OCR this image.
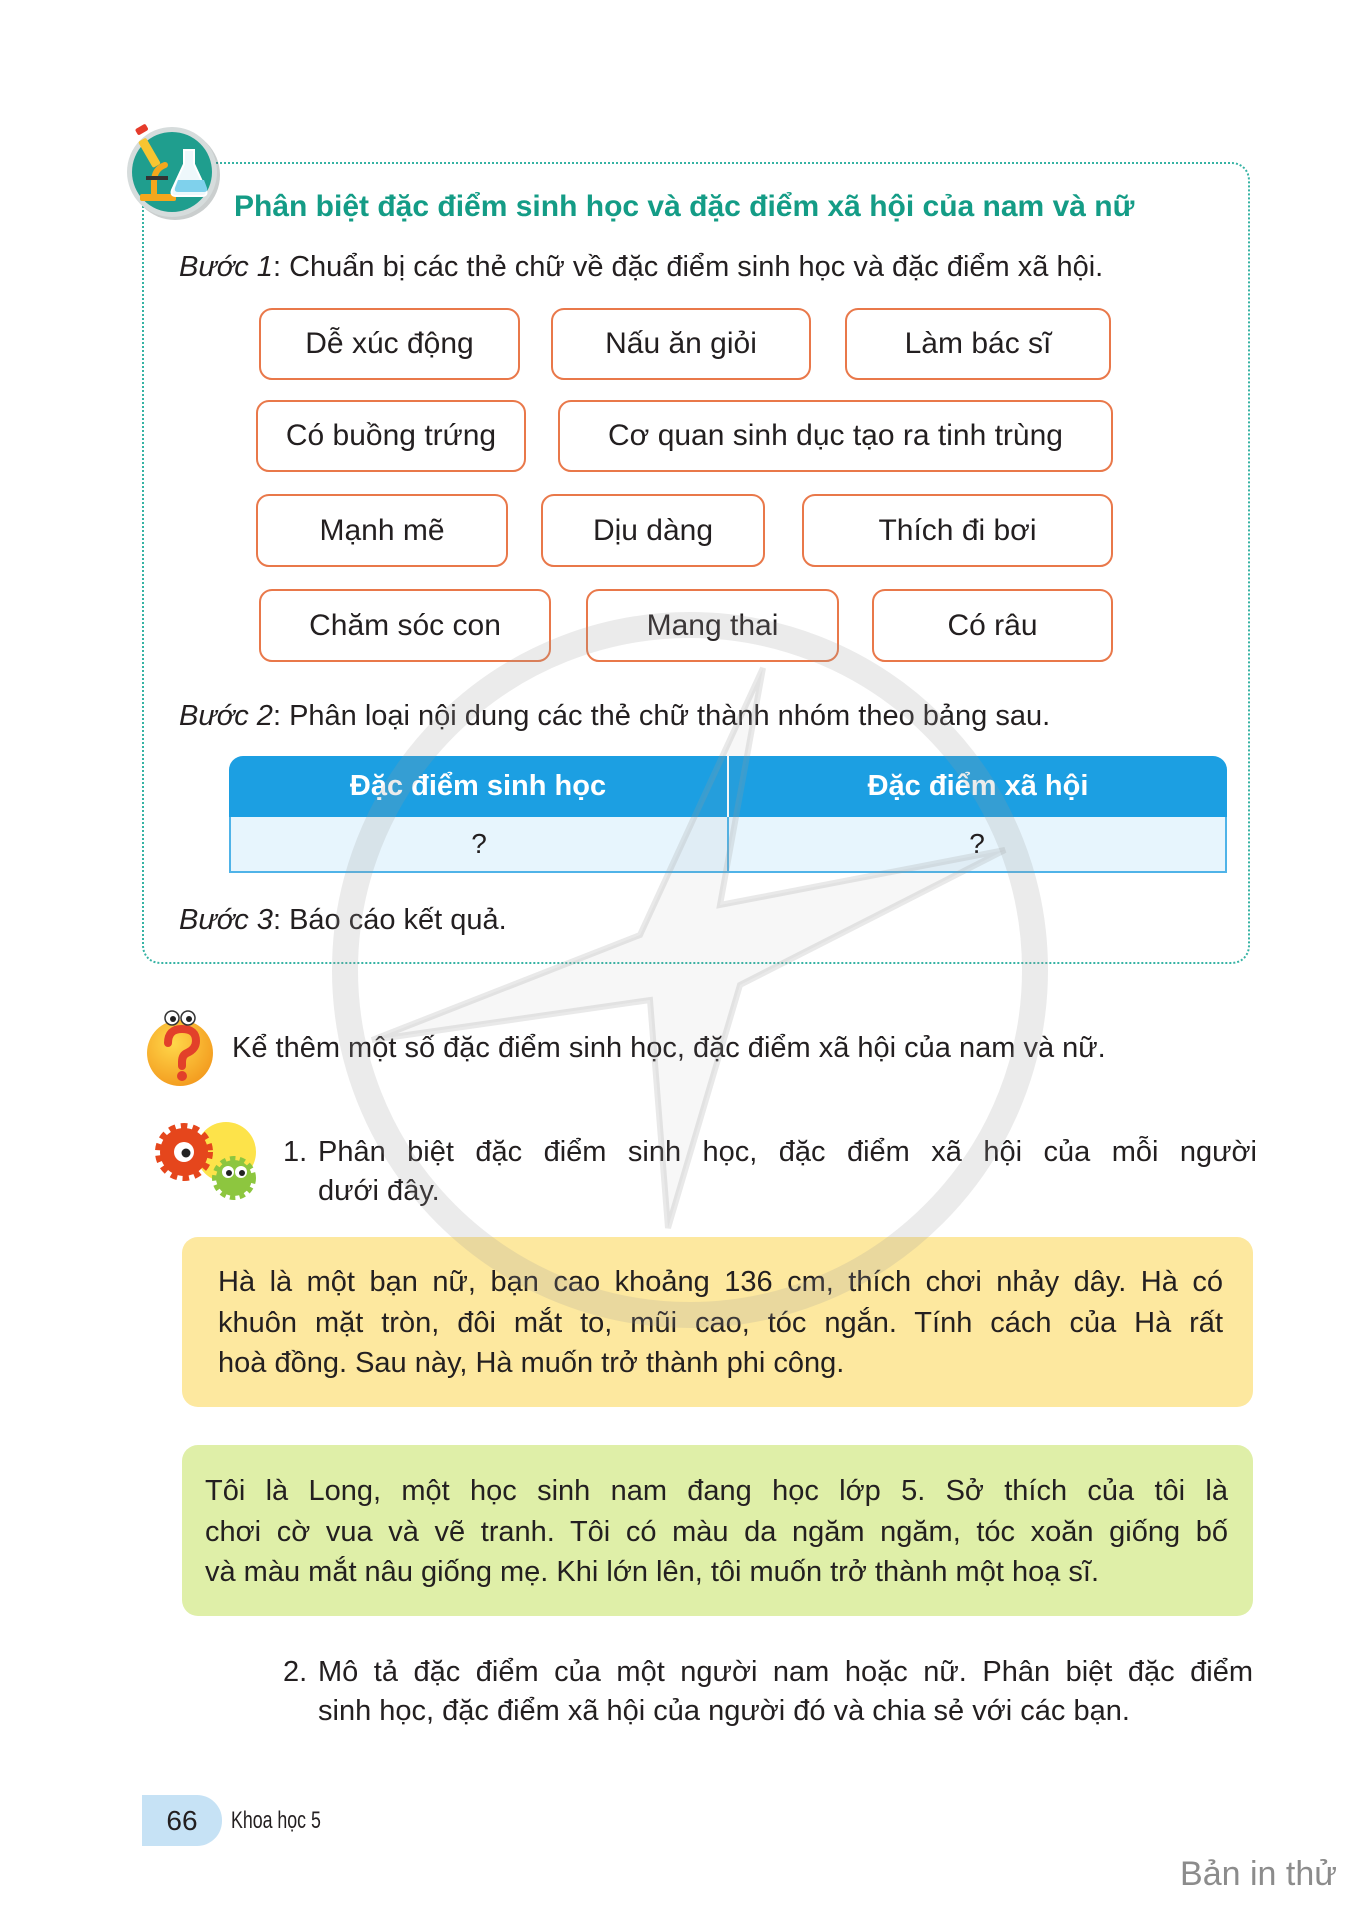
Phân biệt đặc điểm sinh học và đặc điểm xã hội của nam và nữ
Bước 1: Chuẩn bị các thẻ chữ về đặc điểm sinh học và đặc điểm xã hội.
Dễ xúc động	Nấu ăn giỏi	Làm bác sĩ
Có buồng trứng	Cơ quan sinh dục tạo ra tinh trùng
Mạnh mẽ	Dịu dàng	Thích đi bơi
Chăm sóc con	Mang thai	Có râu
Bước 2: Phân loại nội dung các thẻ chữ thành nhóm theo bảng sau.
Đặc điểm sinh học	Đặc điểm xã hội
?	?
Bước 3: Báo cáo kết quả.
Kể thêm một số đặc điểm sinh học, đặc điểm xã hội của nam và nữ.
1. Phân biệt đặc điểm sinh học, đặc điểm xã hội của mỗi người
dưới đây.
Hà là một bạn nữ, bạn cao khoảng 136 cm, thích chơi nhảy dây. Hà có
khuôn mặt tròn, đôi mắt to, mũi cao, tóc ngắn. Tính cách của Hà rất
hoà đồng. Sau này, Hà muốn trở thành phi công.
Tôi là Long, một học sinh nam đang học lớp 5. Sở thích của tôi là
chơi cờ vua và vẽ tranh. Tôi có màu da ngăm ngăm, tóc xoăn giống bố
và màu mắt nâu giống mẹ. Khi lớn lên, tôi muốn trở thành một hoạ sĩ.
2. Mô tả đặc điểm của một người nam hoặc nữ. Phân biệt đặc điểm
sinh học, đặc điểm xã hội của người đó và chia sẻ với các bạn.
66	Khoa học 5
Bản in thử
